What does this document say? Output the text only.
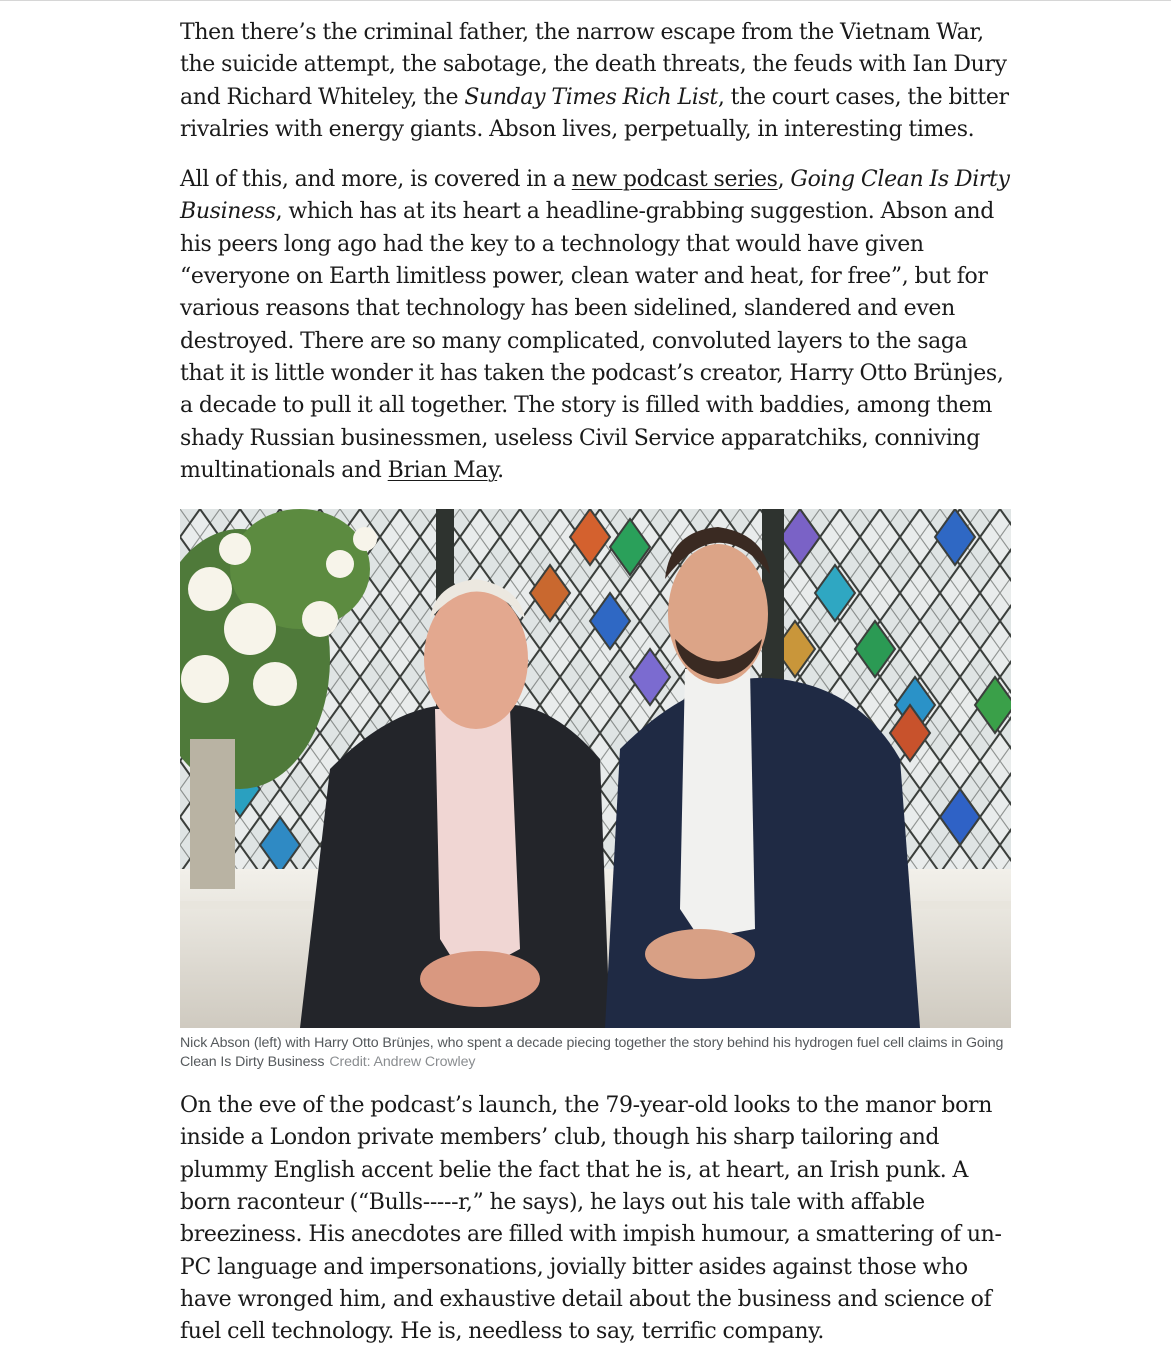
Then there’s the criminal father, the narrow escape from the Vietnam War, the suicide attempt, the sabotage, the death threats, the feuds with Ian Dury and Richard Whiteley, the Sunday Times Rich List, the court cases, the bitter rivalries with energy giants. Abson lives, perpetually, in interesting times.

All of this, and more, is covered in a new podcast series, Going Clean Is Dirty Business, which has at its heart a headline-grabbing suggestion. Abson and his peers long ago had the key to a technology that would have given “everyone on Earth limitless power, clean water and heat, for free”, but for various reasons that technology has been sidelined, slandered and even destroyed. There are so many complicated, convoluted layers to the saga that it is little wonder it has taken the podcast’s creator, Harry Otto Brünjes, a decade to pull it all together. The story is filled with baddies, among them shady Russian businessmen, useless Civil Service apparatchiks, conniving multinationals and Brian May.

Nick Abson (left) with Harry Otto Brünjes, who spent a decade piecing together the story behind his hydrogen fuel cell claims in Going Clean Is Dirty Business Credit: Andrew Crowley

On the eve of the podcast’s launch, the 79-year-old looks to the manor born inside a London private members’ club, though his sharp tailoring and plummy English accent belie the fact that he is, at heart, an Irish punk. A born raconteur (“Bulls-----r,” he says), he lays out his tale with affable breeziness. His anecdotes are filled with impish humour, a smattering of un-PC language and impersonations, jovially bitter asides against those who have wronged him, and exhaustive detail about the business and science of fuel cell technology. He is, needless to say, terrific company.
